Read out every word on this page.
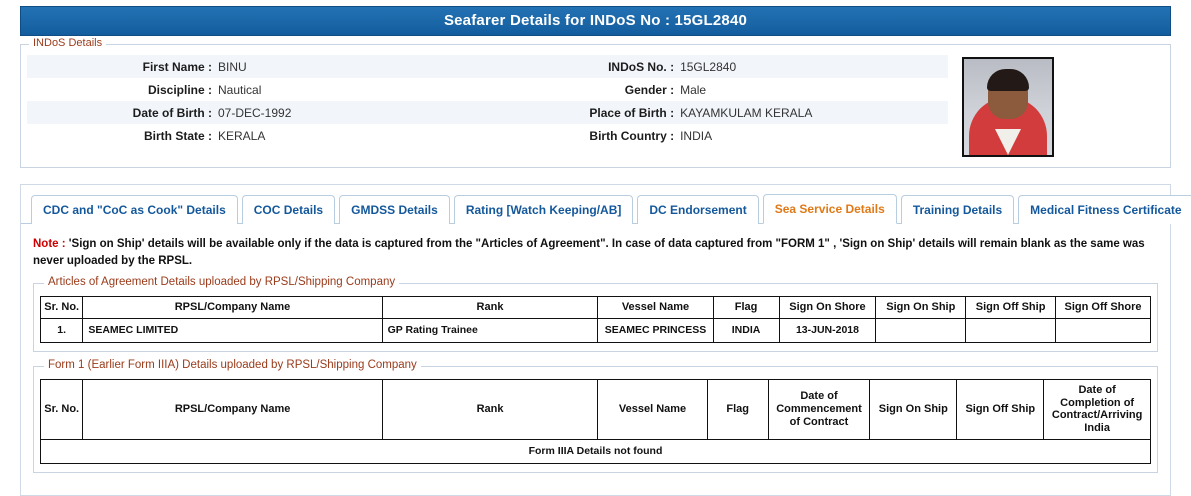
Seafarer Details for INDoS No : 15GL2840
INDoS Details
First Name : BINU	INDoS No. : 15GL2840
Discipline : Nautical	Gender : Male
Date of Birth : 07-DEC-1992	Place of Birth : KAYAMKULAM KERALA
Birth State : KERALA	Birth Country : INDIA
CDC and "CoC as Cook" Details	COC Details	GMDSS Details	Rating [Watch Keeping/AB]	DC Endorsement	Sea Service Details	Training Details	Medical Fitness Certificate
Note : 'Sign on Ship' details will be available only if the data is captured from the "Articles of Agreement". In case of data captured from "FORM 1" , 'Sign on Ship' details will remain blank as the same was never uploaded by the RPSL.
Articles of Agreement Details uploaded by RPSL/Shipping Company
Sr. No.	RPSL/Company Name	Rank	Vessel Name	Flag	Sign On Shore	Sign On Ship	Sign Off Ship	Sign Off Shore
1.	SEAMEC LIMITED	GP Rating Trainee	SEAMEC PRINCESS	INDIA	13-JUN-2018			
Form 1 (Earlier Form IIIA) Details uploaded by RPSL/Shipping Company
Sr. No.	RPSL/Company Name	Rank	Vessel Name	Flag	Date of Commencement of Contract	Sign On Ship	Sign Off Ship	Date of Completion of Contract/Arriving India
Form IIIA Details not found
